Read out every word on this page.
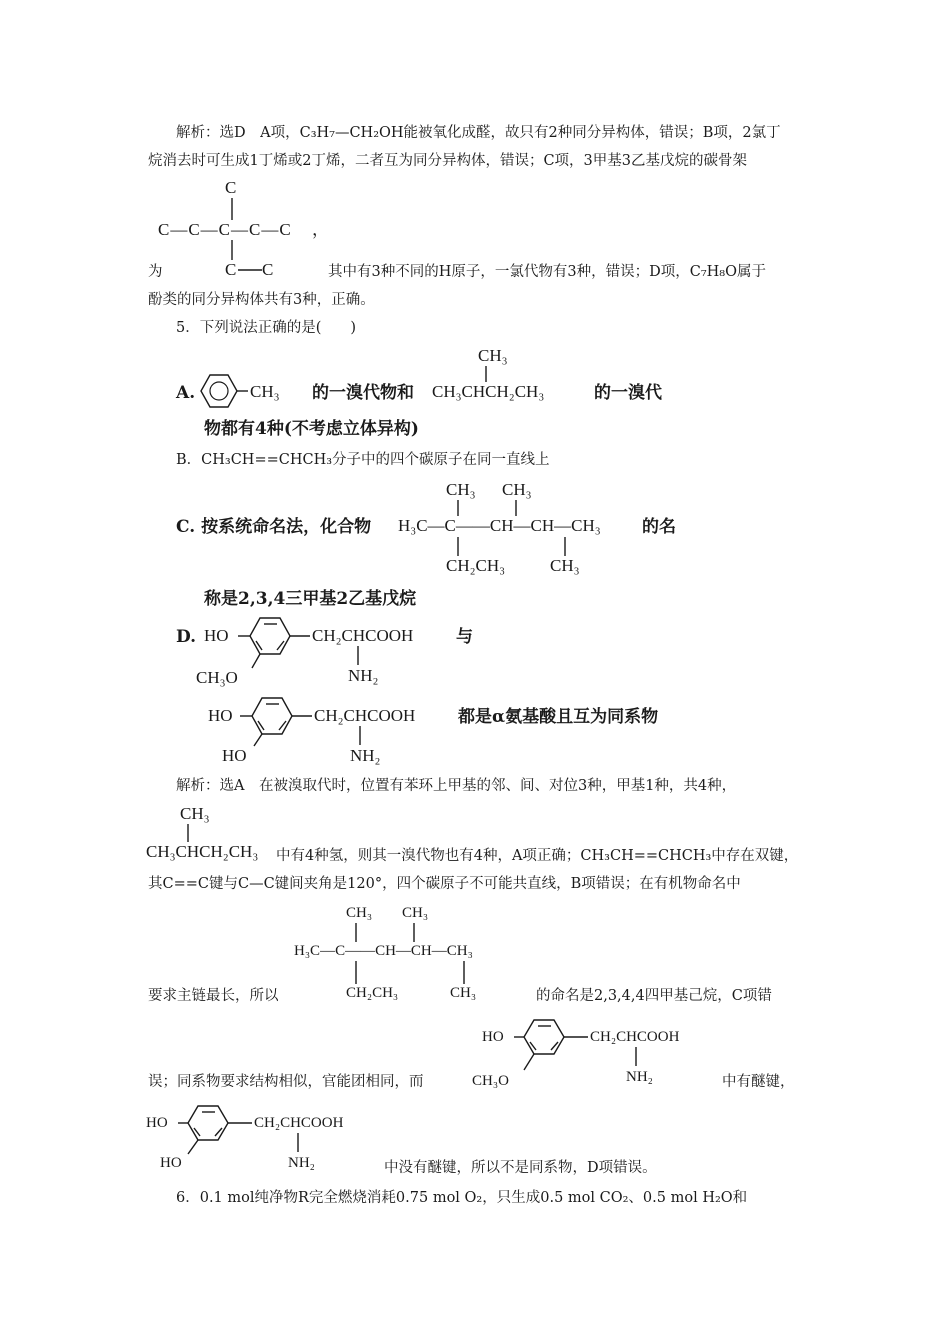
解析：选D　A项，C₃H₇—CH₂OH能被氧化成醛，故只有2种同分异构体，错误；B项，2氯丁
烷消去时可生成1丁烯或2丁烯，二者互为同分异构体，错误；C项，3甲基3乙基戊烷的碳骨架
C
C—C—C—C—C ，
C C
为	其中有3种不同的H原子，一氯代物有3种，错误；D项，C₇H₈O属于
酚类的同分异构体共有3种，正确。
5．下列说法正确的是(　　)
A.	CH₃ 的一溴代物和
CH₃
CH₃CHCH₂CH₃	的一溴代
物都有4种(不考虑立体异构)
B．CH₃CH==CHCH₃分子中的四个碳原子在同一直线上
C. 按系统命名法，化合物
CH₃ CH₃
H₃C—C——CH—CH—CH₃
CH₂CH₃	CH₃
的名
称是2,3,4三甲基2乙基戊烷
D. HO	CH₂CHCOOH	与
CH₃O	NH₂
HO	CH₂CHCOOH	都是α氨基酸且互为同系物
HO	NH₂
解析：选A　在被溴取代时，位置有苯环上甲基的邻、间、对位3种，甲基1种，共4种，
CH₃
CH₃CHCH₂CH₃ 中有4种氢，则其一溴代物也有4种，A项正确；CH₃CH==CHCH₃中存在双键，
其C==C键与C—C键间夹角是120°，四个碳原子不可能共直线，B项错误；在有机物命名中
CH₃ CH₃
H₃C—C——CH—CH—CH₃
CH₂CH₃	CH₃
要求主链最长，所以	的命名是2,3,4,4四甲基己烷，C项错
HO	CH₂CHCOOH
误；同系物要求结构相似，官能团相同，而	CH₃O	NH₂	中有醚键，
HO	CH₂CHCOOH
HO	NH₂	中没有醚键，所以不是同系物，D项错误。
6．0.1 mol纯净物R完全燃烧消耗0.75 mol O₂，只生成0.5 mol CO₂、0.5 mol H₂O和
